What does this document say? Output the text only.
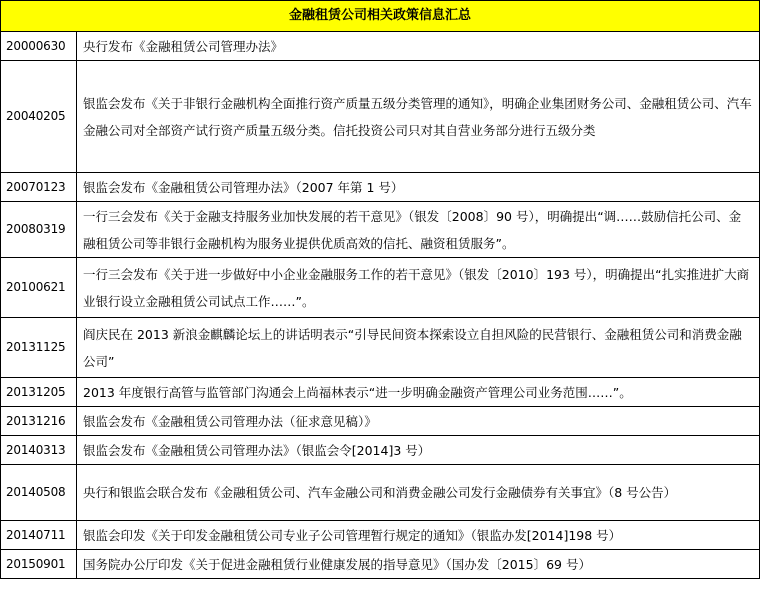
金融租赁公司相关政策信息汇总	
20000630	央行发布《金融租赁公司管理办法》
20040205	银监会发布《关于非银行金融机构全面推行资产质量五级分类管理的通知》，明确企业集团财务公司、金融租赁公司、汽车金融公司对全部资产试行资产质量五级分类。信托投资公司只对其自营业务部分进行五级分类
20070123	银监会发布《金融租赁公司管理办法》（2007 年第 1 号）
20080319	一行三会发布《关于金融支持服务业加快发展的若干意见》（银发〔2008〕90 号），明确提出“调……鼓励信托公司、金融租赁公司等非银行金融机构为服务业提供优质高效的信托、融资租赁服务”。
20100621	一行三会发布《关于进一步做好中小企业金融服务工作的若干意见》（银发〔2010〕193 号），明确提出“扎实推进扩大商业银行设立金融租赁公司试点工作……”。
20131125	阎庆民在 2013 新浪金麒麟论坛上的讲话明表示“引导民间资本探索设立自担风险的民营银行、金融租赁公司和消费金融公司”
20131205	2013 年度银行高管与监管部门沟通会上尚福林表示“进一步明确金融资产管理公司业务范围……”。
20131216	银监会发布《金融租赁公司管理办法（征求意见稿）》
20140313	银监会发布《金融租赁公司管理办法》（银监会令[2014]3 号）
20140508	央行和银监会联合发布《金融租赁公司、汽车金融公司和消费金融公司发行金融债券有关事宜》（8 号公告）
20140711	银监会印发《关于印发金融租赁公司专业子公司管理暂行规定的通知》（银监办发[2014]198 号）
20150901	国务院办公厅印发《关于促进金融租赁行业健康发展的指导意见》（国办发〔2015〕69 号）
